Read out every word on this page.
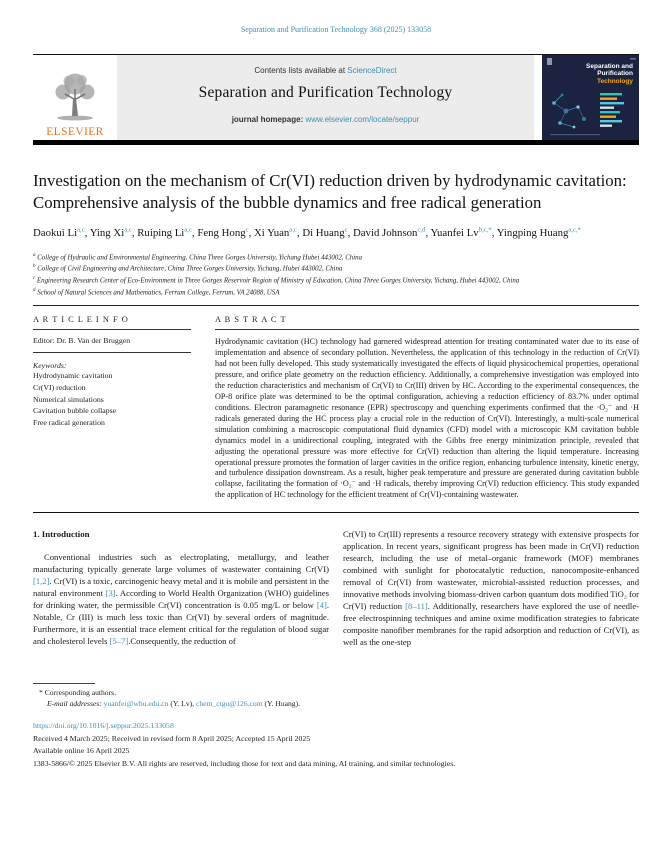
Separation and Purification Technology 368 (2025) 133058
ELSEVIER
Contents lists available at ScienceDirect
Separation and Purification Technology
journal homepage: www.elsevier.com/locate/seppur
Separation and
Purification
Technology
Investigation on the mechanism of Cr(VI) reduction driven by hydrodynamic cavitation: Comprehensive analysis of the bubble dynamics and free radical generation
Daokui Li$^{a,c}$, Ying Xi$^{a,c}$, Ruiping Li$^{a,c}$, Feng Hong$^c$, Xi Yuan$^{a,c}$, Di Huang$^c$, David Johnson$^{c,d}$, Yuanfei $Lv^{b,c,*}$, Yingping Huang$^{a,c,*}$
$^a$ College of Hydraulic and Environmental Engineering, China Three Gorges University, Yichang Hubei 443002, China
$^b$ College of Civil Engineering and Architecture, China Three Gorges University, Yichang, Hubei 443002, China
$^c$ Engineering Research Center of Eco-Environment in Three Gorges Reservoir Region of Ministry of Education, China Three Gorges University, Yichang, Hubei 443002, China
$^d$ School of Natural Sciences and Mathematics, Ferrum College, Ferrum, VA 24088, USA
A R T I C L E I N F O
Editor: Dr. B. Van der Bruggen
Keywords:
Hydrodynamic cavitation
Cr(VI) reduction
Numerical simulations
Cavitation bubble collapse
Free radical generation
A B S T R A C T
Hydrodynamic cavitation (HC) technology had garnered widespread attention for treating contaminated water due to its ease of implementation and absence of secondary pollution. Nevertheless, the application of this technology in the reduction of Cr(VI) had not been fully developed. This study systematically investigated the effects of liquid physicochemical properties, operational pressure, and orifice plate geometry on the reduction efficiency. Additionally, a comprehensive investigation was employed into the reduction characteristics and mechanism of Cr(VI) to Cr(III) driven by HC. According to the experimental consequences, the OP-8 orifice plate was determined to be the optimal configuration, achieving a reduction efficiency of 83.7% under optimal conditions. Electron paramagnetic resonance (EPR) spectroscopy and quenching experiments confirmed that the ·O₂⁻ and ·H radicals generated during the HC process play a crucial role in the reduction of Cr(VI). Interestingly, a multi-scale numerical simulation combining a macroscopic computational fluid dynamics (CFD) model with a microscopic KM cavitation bubble dynamics model in a unidirectional coupling, integrated with the Gibbs free energy minimization principle, revealed that adjusting the operational pressure was more effective for Cr(VI) reduction than altering the liquid temperature. Increasing operational pressure promotes the formation of larger cavities in the orifice region, enhancing turbulence intensity, kinetic energy, and turbulence dissipation downstream. As a result, higher peak temperature and pressure are generated during cavitation bubble collapse, facilitating the formation of ·O₂⁻ and ·H radicals, thereby improving Cr(VI) reduction efficiency. This study expanded the application of HC technology for the efficient treatment of Cr(VI)-containing wastewater.
1. Introduction
Conventional industries such as electroplating, metallurgy, and leather manufacturing typically generate large volumes of wastewater containing Cr(VI) [1,2]. Cr(VI) is a toxic, carcinogenic heavy metal and it is mobile and persistent in the natural environment [3]. According to World Health Organization (WHO) guidelines for drinking water, the permissible Cr(VI) concentration is 0.05 mg/L or below [4]. Notable, Cr (III) is much less toxic than Cr(VI) by several orders of magnitude. Furthermore, it is an essential trace element critical for the regulation of blood sugar and cholesterol levels [5–7].Consequently, the reduction of
Cr(VI) to Cr(III) represents a resource recovery strategy with extensive prospects for application. In recent years, significant progress has been made in Cr(VI) reduction research, including the use of metal–organic framework (MOF) membranes combined with sunlight for photocatalytic reduction, nanocomposite-enhanced removal of Cr(VI) from wastewater, microbial-assisted reduction processes, and innovative methods involving biomass-driven carbon quantum dots modified TiO₂ for Cr(VI) reduction [8–11]. Additionally, researchers have explored the use of needle-free electrospinning techniques and amine oxime modification strategies to fabricate composite nanofiber membranes for the rapid adsorption and reduction of Cr(VI), as well as the one-step
* Corresponding authors.
E-mail addresses: yuanfei@whu.edu.cn (Y. Lv), chem_ctgu@126.com (Y. Huang).
https://doi.org/10.1016/j.seppur.2025.133058
Received 4 March 2025; Received in revised form 8 April 2025; Accepted 15 April 2025
Available online 16 April 2025
1383-5866/© 2025 Elsevier B.V. All rights are reserved, including those for text and data mining, AI training, and similar technologies.
